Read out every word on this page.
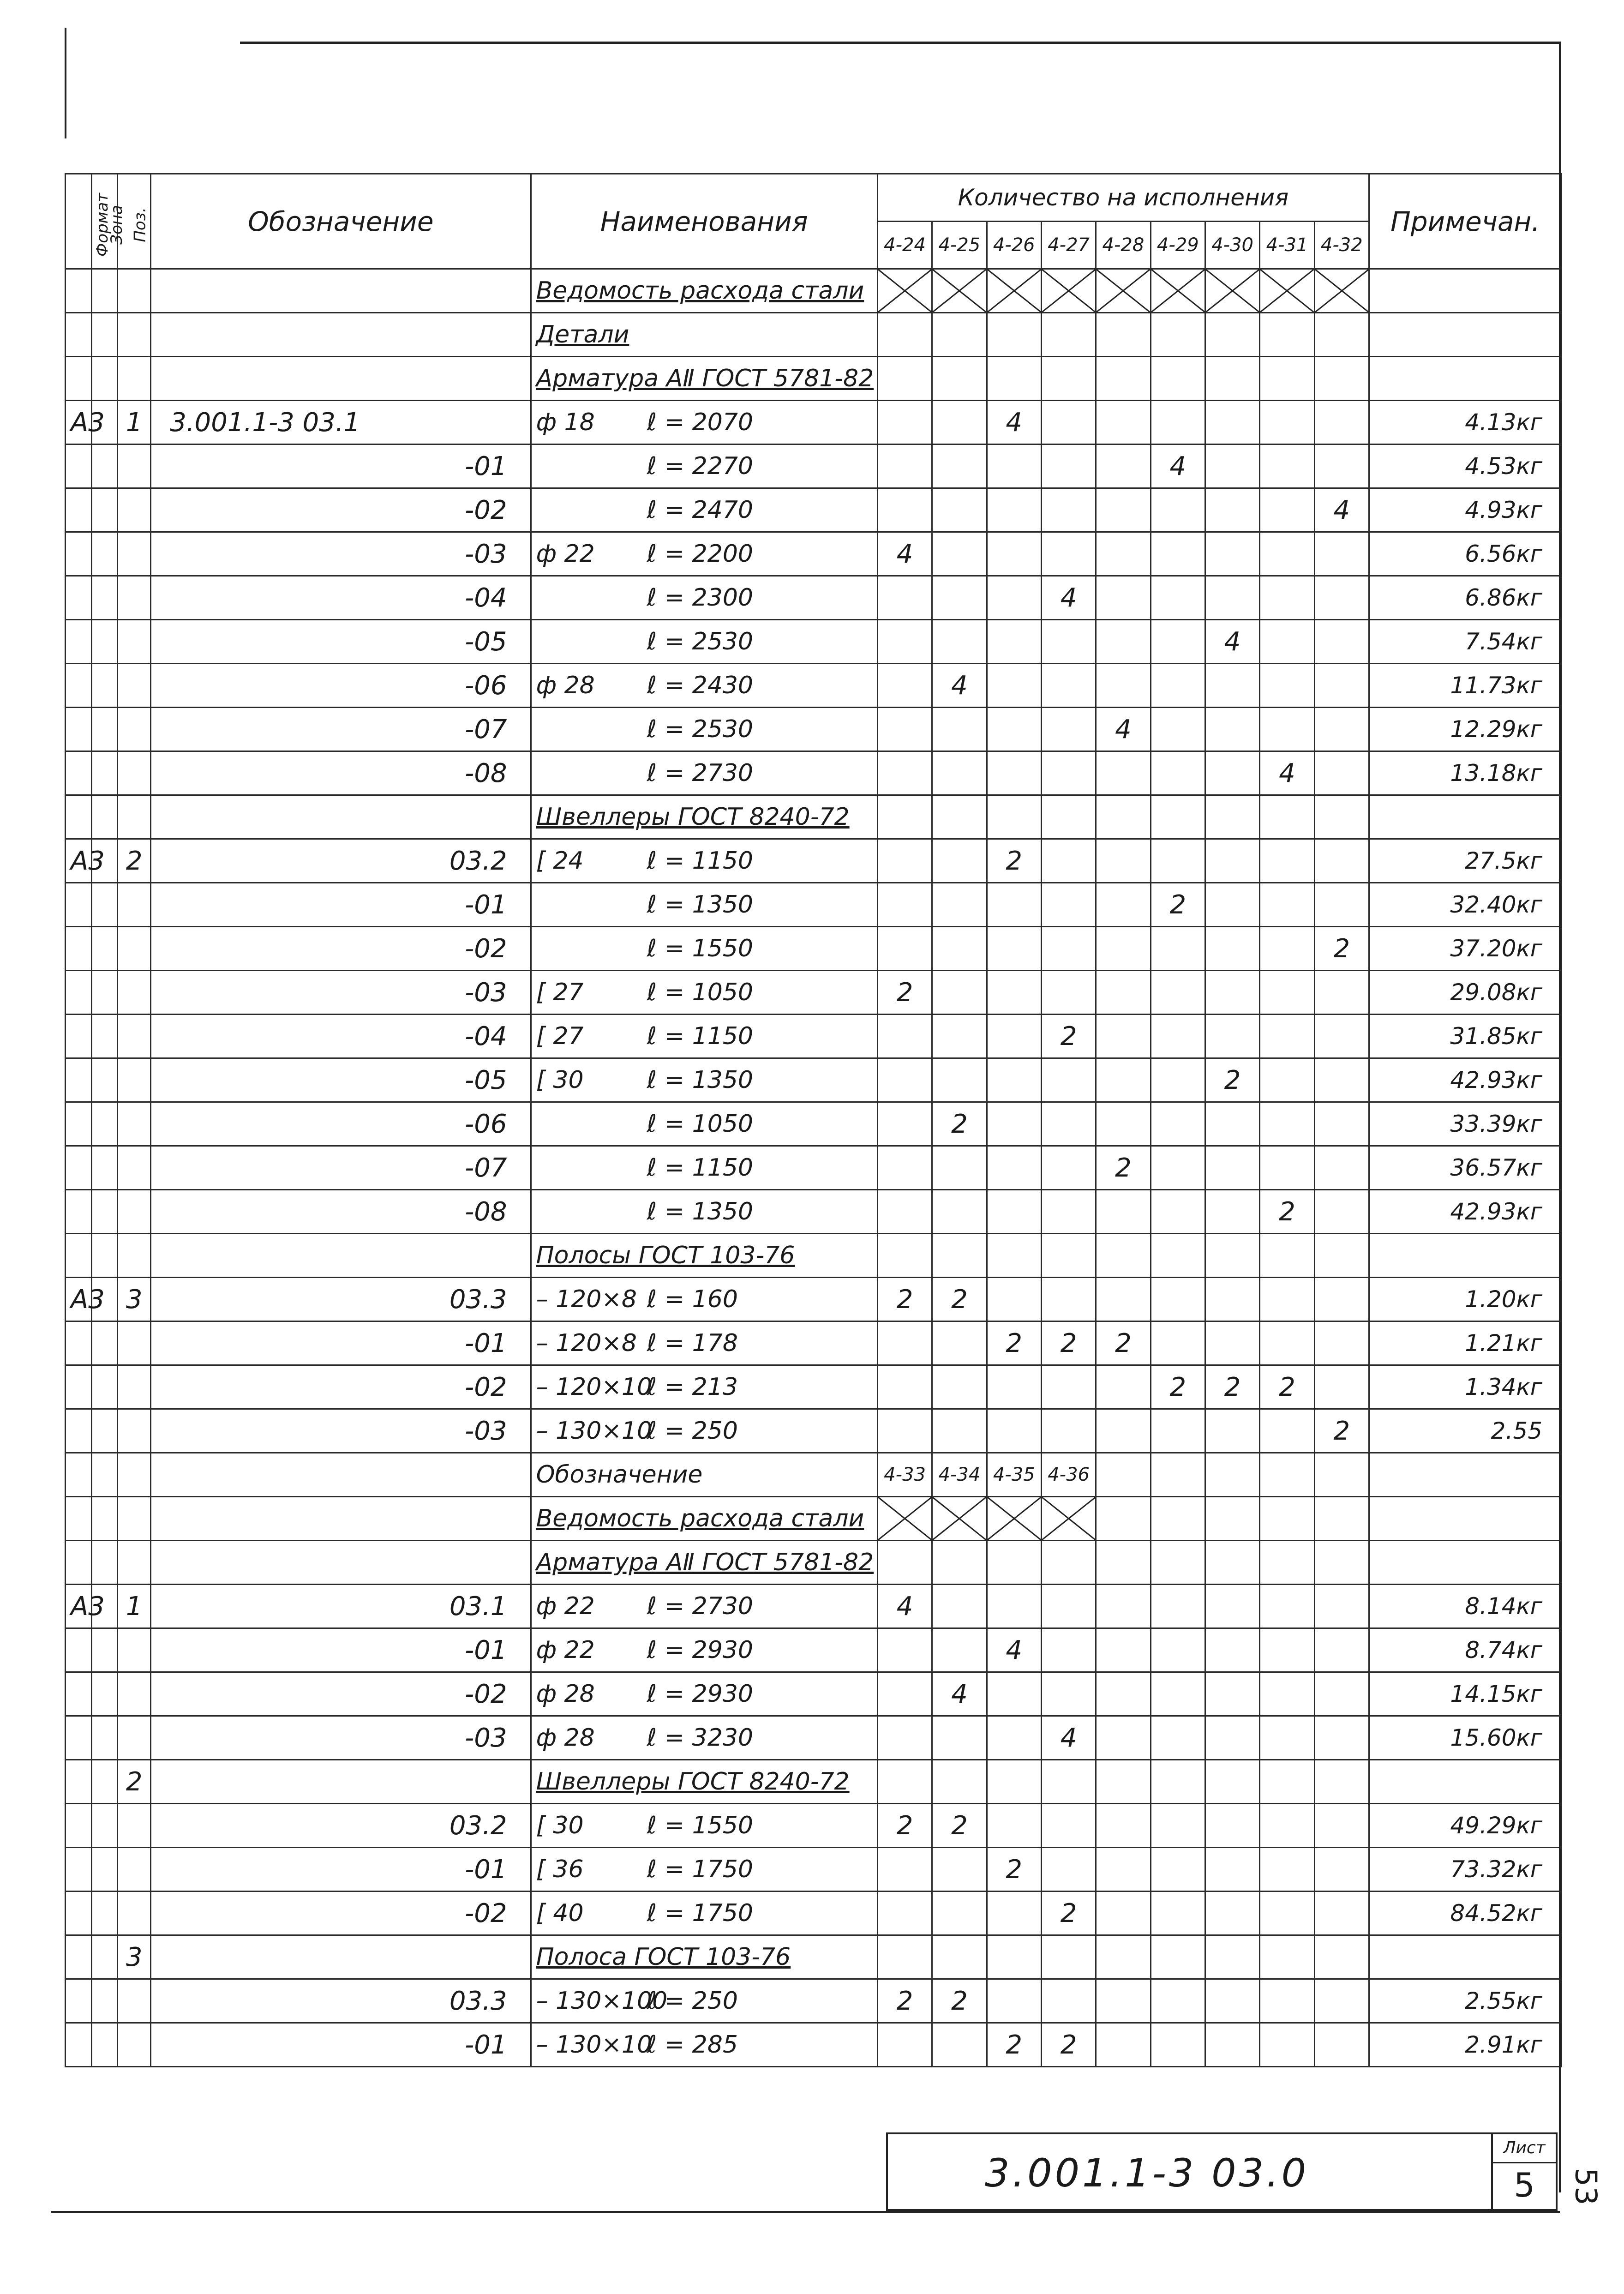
Формат	Зона	Поз.	Обозначение	Наименования	Количество на исполнения									Примечан.
					4-24	4-25	4-26	4-27	4-28	4-29	4-30	4-31	4-32	
				Ведомость расхода стали	

				Детали										
				Арматура АⅡ ГОСТ 5781-82										
А3		1	3.001.1-3 03.1	ф 18 ℓ = 2070			4							4.13кг
			-01	ℓ = 2270						4				4.53кг
			-02	ℓ = 2470									4	4.93кг
			-03	ф 22 ℓ = 2200	4									6.56кг
			-04	ℓ = 2300				4						6.86кг
			-05	ℓ = 2530							4			7.54кг
			-06	ф 28 ℓ = 2430		4								11.73кг
			-07	ℓ = 2530					4					12.29кг
			-08	ℓ = 2730								4		13.18кг
				Швеллеры ГОСТ 8240-72										
А3		2	03.2	[ 24 ℓ = 1150			2							27.5кг
			-01	ℓ = 1350						2				32.40кг
			-02	ℓ = 1550									2	37.20кг
			-03	[ 27 ℓ = 1050	2									29.08кг
			-04	[ 27 ℓ = 1150				2						31.85кг
			-05	[ 30 ℓ = 1350							2			42.93кг
			-06	ℓ = 1050		2								33.39кг
			-07	ℓ = 1150					2					36.57кг
			-08	ℓ = 1350								2		42.93кг
				Полосы ГОСТ 103-76										
А3		3	03.3	– 120×8 ℓ = 160	2	2								1.20кг
			-01	– 120×8 ℓ = 178			2	2	2					1.21кг
			-02	– 120×10ℓ = 213						2	2	2		1.34кг
			-03	– 130×10ℓ = 250									2	2.55
				Обозначение	4-33	4-34	4-35	4-36						
				Ведомость расхода стали	

				Арматура АⅡ ГОСТ 5781-82										
А3		1	03.1	ф 22 ℓ = 2730	4									8.14кг
			-01	ф 22 ℓ = 2930			4							8.74кг
			-02	ф 28 ℓ = 2930		4								14.15кг
			-03	ф 28 ℓ = 3230				4						15.60кг
		2		Швеллеры ГОСТ 8240-72										
			03.2	[ 30 ℓ = 1550	2	2								49.29кг
			-01	[ 36 ℓ = 1750			2							73.32кг
			-02	[ 40 ℓ = 1750				2						84.52кг
		3		Полоса ГОСТ 103-76										
			03.3	– 130×100ℓ = 250	2	2								2.55кг
			-01	– 130×10ℓ = 285			2	2						2.91кг
3.001.1-3 03.0
Лист
5	53
